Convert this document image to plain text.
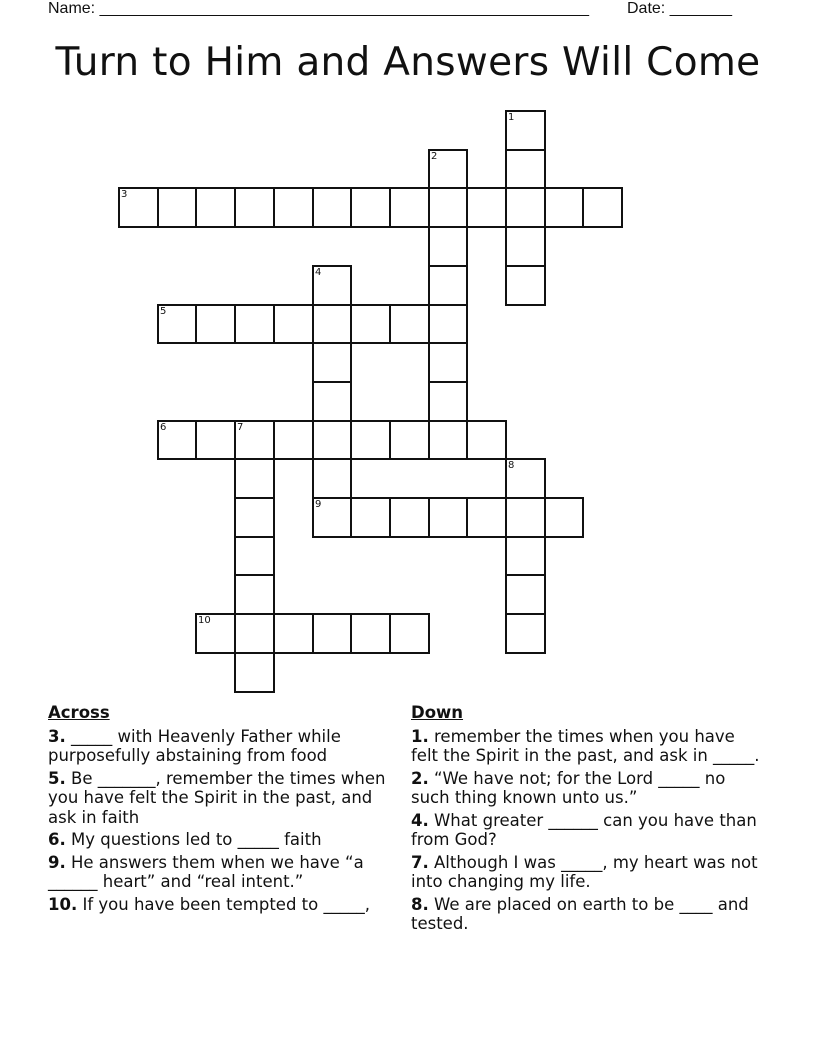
Name: _______________________________________________________ Date: _______
Turn to Him and Answers Will Come
1
2
3
4
5
6	7
8
9
10
Across
3. _____ with Heavenly Father while purposefully abstaining from food
5. Be _______, remember the times when you have felt the Spirit in the past, and ask in faith
6. My questions led to _____ faith
9. He answers them when we have “a ______ heart” and “real intent.”
10. If you have been tempted to _____,
Down
1. remember the times when you have felt the Spirit in the past, and ask in _____.
2. “We have not; for the Lord _____ no such thing known unto us.”
4. What greater ______ can you have than from God?
7. Although I was _____, my heart was not into changing my life.
8. We are placed on earth to be ____ and tested.
